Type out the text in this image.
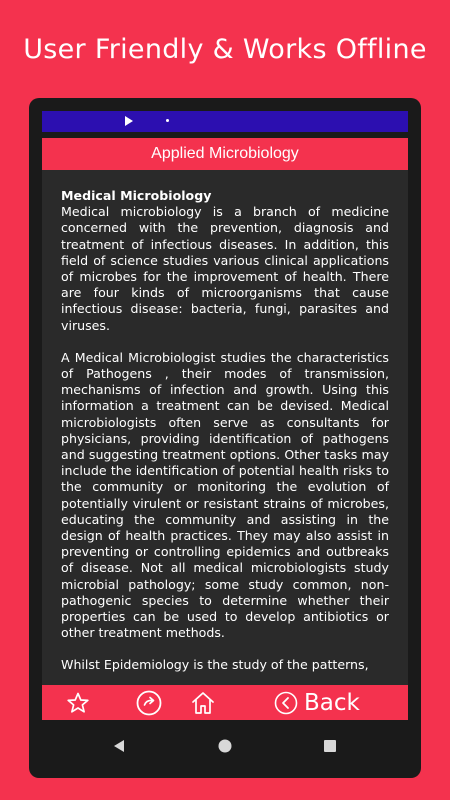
User Friendly & Works Offline
Applied Microbiology
Medical Microbiology

Medical microbiology is a branch of medicine concerned with the prevention, diagnosis and treatment of infectious diseases. In addition, this field of science studies various clinical applications of microbes for the improvement of health. There are four kinds of microorganisms that cause infectious disease: bacteria, fungi, parasites and viruses.

A Medical Microbiologist studies the characteristics of Pathogens , their modes of transmission, mechanisms of infection and growth. Using this information a treatment can be devised. Medical microbiologists often serve as consultants for physicians, providing identification of pathogens and suggesting treatment options. Other tasks may include the identification of potential health risks to the community or monitoring the evolution of potentially virulent or resistant strains of microbes, educating the community and assisting in the design of health practices. They may also assist in preventing or controlling epidemics and outbreaks of disease. Not all medical microbiologists study microbial pathology; some study common, non-pathogenic species to determine whether their properties can be used to develop antibiotics or other treatment methods.

Whilst Epidemiology is the study of the patterns,

Back
